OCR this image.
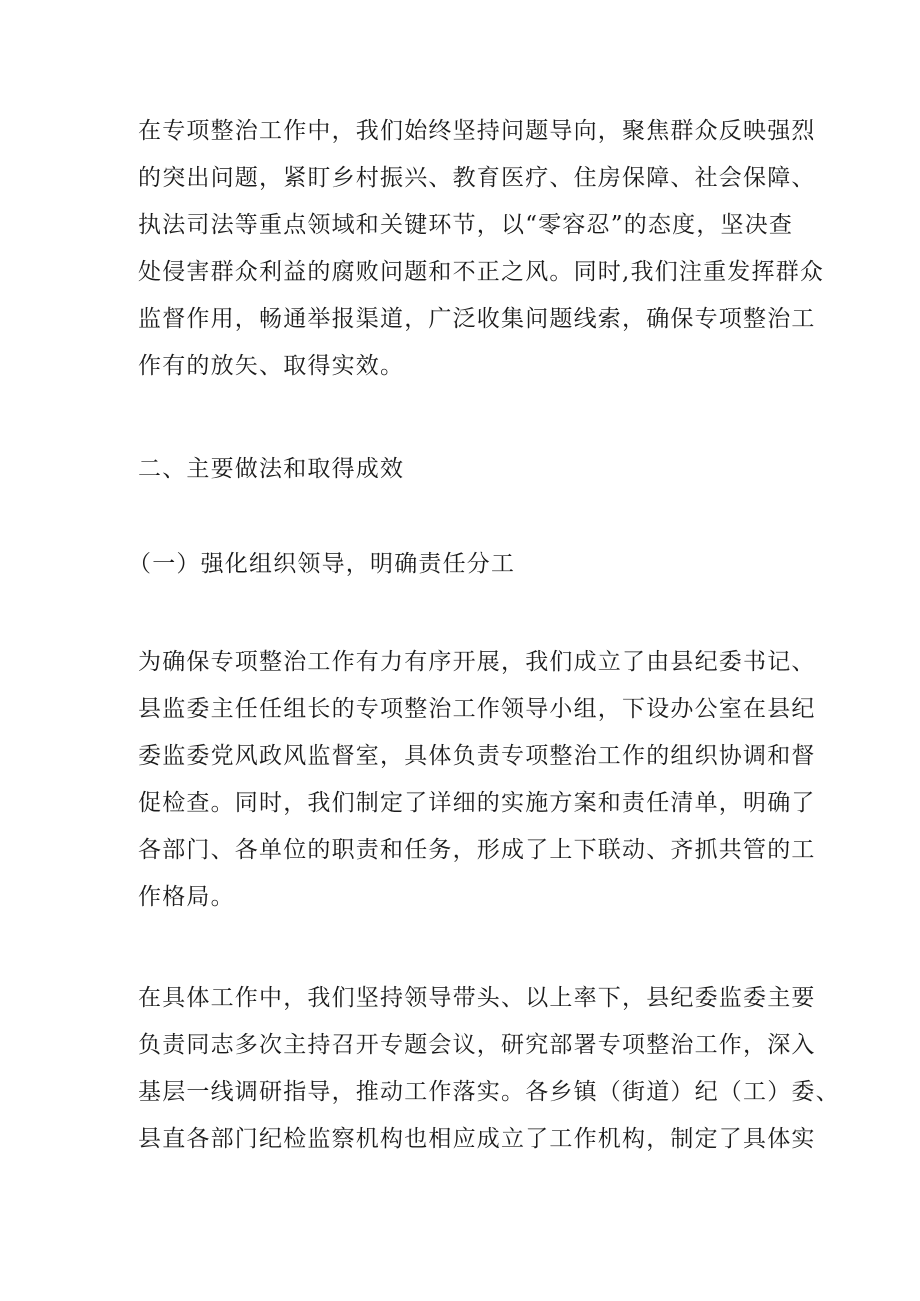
在专项整治工作中，我们始终坚持问题导向，聚焦群众反映强烈
的突出问题，紧盯乡村振兴、教育医疗、住房保障、社会保障、
执法司法等重点领域和关键环节，以“零容忍”的态度，坚决查
处侵害群众利益的腐败问题和不正之风。同时,我们注重发挥群众
监督作用，畅通举报渠道，广泛收集问题线索，确保专项整治工
作有的放矢、取得实效。
二、主要做法和取得成效
（一）强化组织领导，明确责任分工
为确保专项整治工作有力有序开展，我们成立了由县纪委书记、
县监委主任任组长的专项整治工作领导小组，下设办公室在县纪
委监委党风政风监督室，具体负责专项整治工作的组织协调和督
促检查。同时，我们制定了详细的实施方案和责任清单，明确了
各部门、各单位的职责和任务，形成了上下联动、齐抓共管的工
作格局。
在具体工作中，我们坚持领导带头、以上率下，县纪委监委主要
负责同志多次主持召开专题会议，研究部署专项整治工作，深入
基层一线调研指导，推动工作落实。各乡镇（街道）纪（工）委、
县直各部门纪检监察机构也相应成立了工作机构，制定了具体实
